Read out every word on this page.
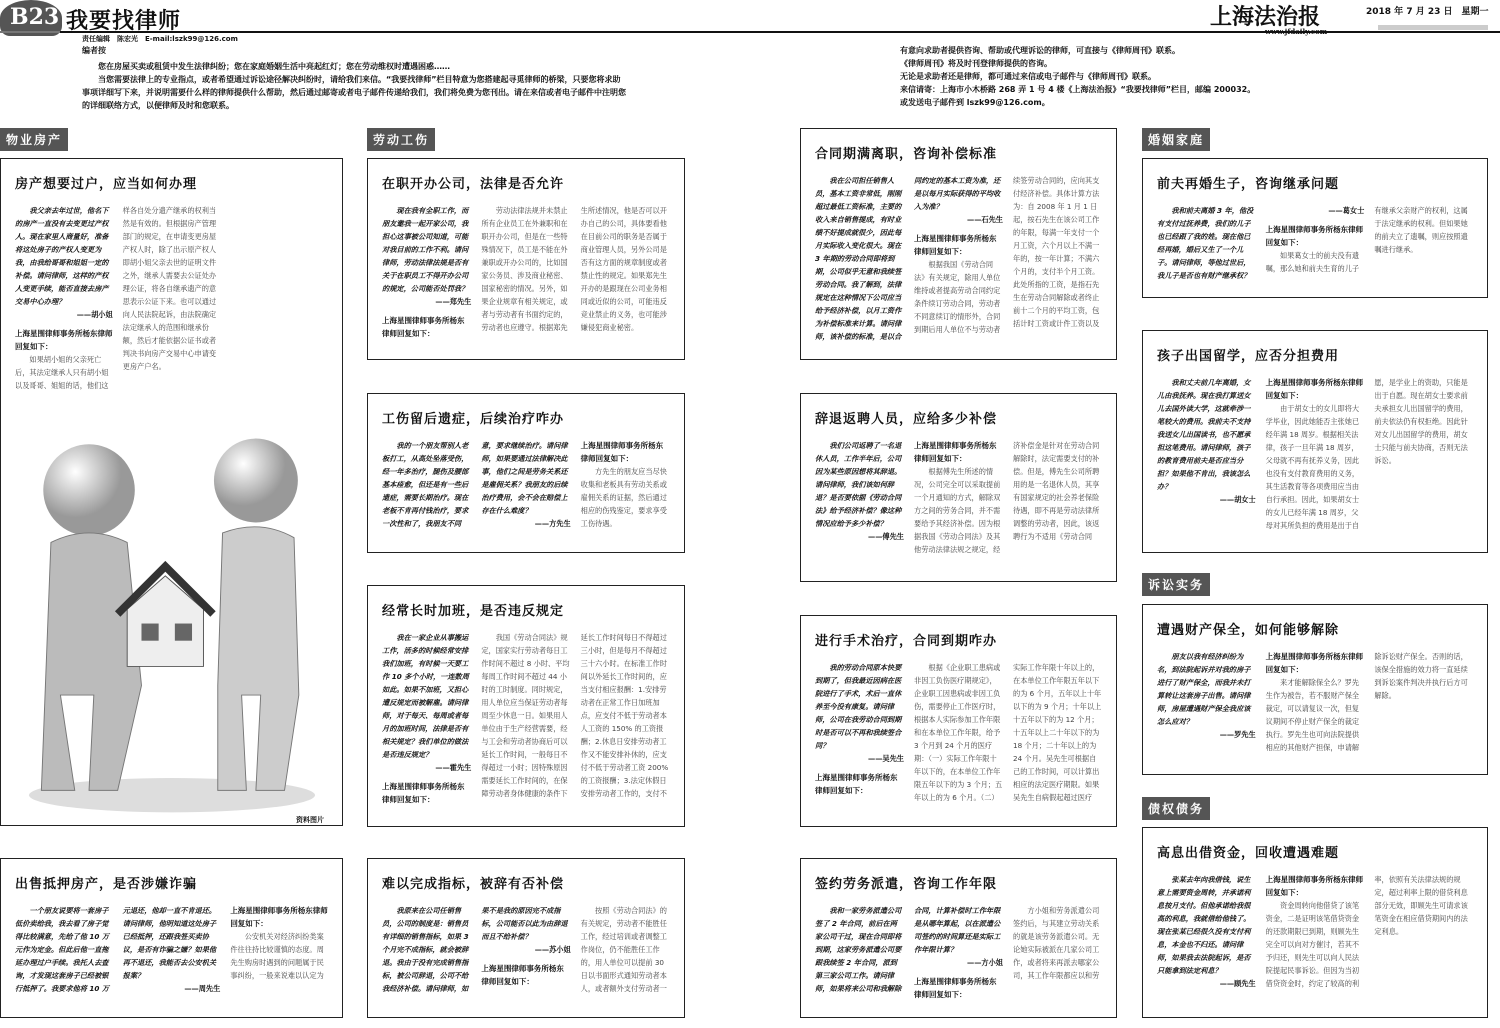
B23 我要找律师
责任编辑　陈宏光　E-mail:lszk99@126.com
上海法治报	2018 年 7 月 23 日　星期一
www.jfdaily.com
编者按
您在房屋买卖或租赁中发生法律纠纷；您在家庭婚姻生活中亮起红灯；您在劳动维权时遭遇困惑……
当您需要法律上的专业指点，或者希望通过诉讼途径解决纠纷时，请给我们来信。“我要找律师”栏目特意为您搭建起寻觅律师的桥梁，只要您将求助事项详细写下来，并说明需要什么样的律师提供什么帮助，然后通过邮寄或者电子邮件传递给我们，我们将免费为您刊出。请在来信或者电子邮件中注明您的详细联络方式，以便律师及时和您联系。
有意向求助者提供咨询、帮助或代理诉讼的律师，可直接与《律师周刊》联系。
《律师周刊》将及时刊登律师提供的咨询。
无论是求助者还是律师，都可通过来信或电子邮件与《律师周刊》联系。
来信请寄：上海市小木桥路 268 弄 1 号 4 楼《上海法治报》“我要找律师”栏目，邮编 200032。
或发送电子邮件到 lszk99@126.com。
物业房产	劳动工伤	婚姻家庭
诉讼实务
债权债务
房产想要过户，应当如何办理
我父亲去年过世，他名下的房产一直没有去变更过产权人。现在家里人商量好，准备将这处房子的产权人变更为我，由我给哥哥和姐姐一定的补偿。请问律师，这样的产权人变更手续，能否直接去房产交易中心办理？
——胡小姐
上海星围律师事务所杨东律师回复如下：
如果胡小姐的父亲死亡后，其法定继承人只有胡小姐以及哥哥、姐姐的话，他们这样各自处分遗产继承的权利当然是有效的。但根据房产管理部门的规定，在申请变更房屋产权人时，除了出示原产权人即胡小姐父亲去世的证明文件之外，继承人需要去公证处办理公证，将各自继承遗产的意思表示公证下来。也可以通过向人民法院起诉，由法院确定法定继承人的范围和继承份额，然后才能依据公证书或者判决书向房产交易中心申请变更房产户名。
资料图片
出售抵押房产，是否涉嫌诈骗
一个朋友说要将一套房子低价卖给我，我去看了房子觉得比较满意，先给了他 10 万元作为定金。但此后他一直拖延办理过户手续。我托人去查询，才发现这套房子已经被银行抵押了。我要求他将 10 万元退还，他却一直不肯退还。请问律师，他明知道这处房子已经抵押，还跟我签买卖协议，是否有诈骗之嫌？如果他再不退还，我能否去公安机关报案？
——周先生
上海星围律师事务所杨东律师回复如下：
公安机关对经济纠纷类案件往往持比较谨慎的态度。周先生购房时遇到的问题属于民事纠纷，一般来说难以认定为
在职开办公司，法律是否允许
现在我有全职工作，而朋友邀我一起开家公司，我担心这事被公司知道，可能对我目前的工作不利。请问律师，劳动法律法规是否有关于在职员工不得开办公司的规定，公司能否处罚我？
——郑先生
上海星围律师事务所杨东律师回复如下：
劳动法律法规并未禁止所有企业员工在外兼职和在职开办公司，但是在一些特殊情况下，员工是不能在外兼职或开办公司的，比如国家公务员、涉及商业秘密、国家秘密的情况。另外，如果企业规章有相关规定，或者与劳动者有书面约定的，劳动者也应遵守。根据郑先生所述情况，他是否可以开办自己的公司，具体要看他在目前公司的职务是否属于商业管理人员，另外公司是否有这方面的规章制度或者禁止性的规定。如果郑先生开办的是跟现在公司业务相同或近似的公司，可能违反竞业禁止的义务，也可能涉嫌侵犯商业秘密。
工伤留后遗症，后续治疗咋办
我的一个朋友帮别人老板打工，从高处坠落受伤，经一年多治疗，腿伤及腰部基本痊愈，但还是有一些后遗症，需要长期治疗。现在老板不肯再付钱治疗，要求一次性和了，我朋友不同意，要求继续治疗。请问律师，如果要通过法律解决此事，他们之间是劳务关系还是雇佣关系？我朋友的后续治疗费用，会不会在赔偿上存在什么难度？
——方先生
上海星围律师事务所杨东律师回复如下：
方先生的朋友应当尽快收集和老板具有劳动关系或雇佣关系的证据，然后通过相应的伤残鉴定，要求享受工伤待遇。
经常长时加班，是否违反规定
我在一家企业从事搬运工作，活多的时候经常安排我们加班，有时候一天要工作 10 多个小时，一连数周如此。如果不加班，又担心遭反规定而被解雇。请问律师，对于每天、每周或者每月的加班时间，法律是否有相关规定？我们单位的做法是否违反规定？
——霍先生
上海星围律师事务所杨东律师回复如下：
我国《劳动合同法》规定，国家实行劳动者每日工作时间不超过 8 小时、平均每周工作时间不超过 44 小时的工时制度。同时规定，用人单位应当保证劳动者每周至少休息一日。如果用人单位由于生产经营需要，经与工会和劳动者协商后可以延长工作时间，一般每日不得超过一小时；因特殊原因需要延长工作时间的，在保障劳动者身体健康的条件下延长工作时间每日不得超过三小时，但是每月不得超过三十六小时。在标准工作时间以外延长工作时间的，应当支付相应报酬：1.安排劳动者在正常工作日加班加点，应支付不低于劳动者本人工资的 150% 的工资报酬；2.休息日安排劳动者工作又不能安排补休的，应支付不低于劳动者工资 200% 的工资报酬；3.法定休假日安排劳动者工作的，支付不
难以完成指标，被辞有否补偿
我原来在公司任销售员，公司的制度是：销售员有详细的销售指标，如果 3 个月完不成指标，就会被辞退。我由于没有完成销售指标，被公司辞退，公司不给我经济补偿。请问律师，如果不是我的原因完不成指标，公司能否以此为由辞退而且不给补偿？
——苏小姐
上海星围律师事务所杨东律师回复如下：
按照《劳动合同法》的有关规定，劳动者不能胜任工作，经过培训或者调整工作岗位，仍不能胜任工作的，用人单位可以提前 30 日以书面形式通知劳动者本人，或者额外支付劳动者一
合同期满离职，咨询补偿标准
我在公司担任销售人员，基本工资非常低，刚刚超过最低工资标准，主要的收入来自销售提成，有时业绩不好提成就很少，因此每月实际收入变化很大。现在 3 年期的劳动合同即将到期，公司似乎无意和我续签劳动合同。我了解到，法律规定在这种情况下公司应当给予经济补偿，以月工资作为补偿标准来计算。请问律师，该补偿的标准，是以合同约定的基本工资为准，还是以每月实际获得的平均收入为准？
——石先生
上海星围律师事务所杨东律师回复如下：
根据我国《劳动合同法》有关规定，除用人单位维持或者提高劳动合同约定条件续订劳动合同，劳动者不同意续订的情形外，合同到期后用人单位不与劳动者续签劳动合同的，应向其支付经济补偿。具体计算方法为：自 2008 年 1 月 1 日起，按石先生在该公司工作的年限，每满一年支付一个月工资，六个月以上不满一年的，按一年计算；不满六个月的，支付半个月工资。此处所指的工资，是指石先生在劳动合同解除或者终止前十二个月的平均工资，包括计时工资或计件工资以及
辞退返聘人员，应给多少补偿
我们公司返聘了一名退休人员，工作半年后，公司因为某些原因想将其辞退。请问律师，我们该如何辞退？是否要依据《劳动合同法》给予经济补偿？像这种情况应给予多少补偿？
——傅先生
上海星围律师事务所杨东律师回复如下：
根据傅先生所述的情况，公司完全可以采取提前一个月通知的方式，解除双方之间的劳务合同，并不需要给予其经济补偿。因为根据我国《劳动合同法》及其他劳动法律法规之规定，经济补偿金是针对在劳动合同解除时，法定需要支付的补偿。但是，傅先生公司所聘用的是一名退休人员，其享有国家规定的社会养老保险待遇，即不再是劳动法律所调整的劳动者，因此，该返聘行为不适用《劳动合同
进行手术治疗，合同到期咋办
我的劳动合同原本快要到期了，但我最近因病在医院进行了手术，术后一直休养至今没有康复。请问律师，公司在我劳动合同到期时是否可以不再和我续签合同？
——吴先生
上海星围律师事务所杨东律师回复如下：
根据《企业职工患病或非因工负伤医疗期规定》，企业职工因患病或非因工负伤，需要停止工作医疗时，根据本人实际参加工作年限和在本单位工作年限，给予 3 个月到 24 个月的医疗期：（一）实际工作年限十年以下的，在本单位工作年限五年以下的为 3 个月；五年以上的为 6 个月。（二）实际工作年限十年以上的，在本单位工作年限五年以下的为 6 个月，五年以上十年以下的为 9 个月；十年以上十五年以下的为 12 个月；十五年以上二十年以下的为 18 个月；二十年以上的为 24 个月。吴先生可根据自己的工作时间，可以计算出相应的法定医疗期限。如果吴先生自病假起超过医疗
签约劳务派遣，咨询工作年限
我和一家劳务派遣公司签了 2 年合同，前后在两家公司干过，现在合同即将到期，这家劳务派遣公司要跟我续签 2 年合同，派到第三家公司工作。请问律师，如果将来公司和我解除合同，计算补偿时工作年限是从哪年算起，以在派遣公司签约的时间算还是实际工作年限计算？
——方小姐
上海星围律师事务所杨东律师回复如下：
方小姐和劳务派遣公司签约后，与其建立劳动关系的就是该劳务派遣公司。无论她实际被派在几家公司工作，或者将来再派去哪家公司，其工作年限都应以和劳
前夫再婚生子，咨询继承问题
我和前夫离婚 3 年，他没有支付过抚养费，我们的儿子也已经跟了我的姓。现在他已经再婚，婚后又生了一个儿子。请问律师，等他过世后，我儿子是否也有财产继承权？
——葛女士
上海星围律师事务所杨东律师回复如下：
如果葛女士的前夫没有遗嘱，那么她和前夫生育的儿子有继承父亲财产的权利，这属于法定继承的权利。但如果她的前夫立了遗嘱，则应按照遗嘱进行继承。
孩子出国留学，应否分担费用
我和丈夫前几年离婚，女儿由我抚养。现在我打算送女儿去国外读大学，这就牵涉一笔较大的费用。我前夫不支持我送女儿出国读书，也不愿承担这笔费用。请问律师，孩子的教育费用前夫是否应当分担？如果他不肯出，我该怎么办？
——胡女士
上海星围律师事务所杨东律师回复如下：
由于胡女士的女儿即将大学毕业，因此她能否主张她已经年满 18 周岁。根据相关法律，孩子一旦年满 18 周岁，父母就不再有抚养义务，因此也没有支付教育费用的义务，其生活教育等各项费用应当由自行承担。因此，如果胡女士的女儿已经年满 18 周岁，父母对其所负担的费用是出于自愿，是学业上的资助，只能是出于自愿。现在胡女士要求前夫承担女儿出国留学的费用，前夫依法仍有权拒绝。因此针对女儿出国留学的费用，胡女士只能与前夫协商，否则无法诉讼。
遭遇财产保全，如何能够解除
朋友以我有经济纠纷为名，到法院起诉并对我的房子进行了财产保全，而我并未打算转让这套房子出售。请问律师，房屋遭遇财产保全我应该怎么应对？
——罗先生
上海星围律师事务所杨东律师回复如下：
来才能解除保全么？罗先生作为被告，若不服财产保全裁定，可以请复议一次，但复议期间不停止财产保全的裁定执行。罗先生也可向法院提供相应的其他财产担保，申请解除诉讼财产保全。否则的话，该保全措施的效力将一直延续到诉讼案件判决并执行后方可解除。
高息出借资金，回收遭遇难题
张某去年向我借钱，说生意上需要资金周转，并承诺利息按月支付。但他承诺给我很高的利息，我就借给他钱了。现在张某已经很久没有支付利息，本金也不归还。请问律师，如果我去法院起诉，是否只能拿到法定利息？
——顾先生
上海星围律师事务所杨东律师回复如下：
资金周转向他借贷了该笔资金，二是证明该笔借贷资金的还款期限已到期，则顾先生完全可以向对方催讨，若其不予归还，则先生可以向人民法院提起民事诉讼。但因为当初借贷资金时，约定了较高的利率，依照有关法律法规的规定，超过利率上限的借贷利息部分无效，即顾先生可请求该笔资金在相应借贷期间内的法定利息。
